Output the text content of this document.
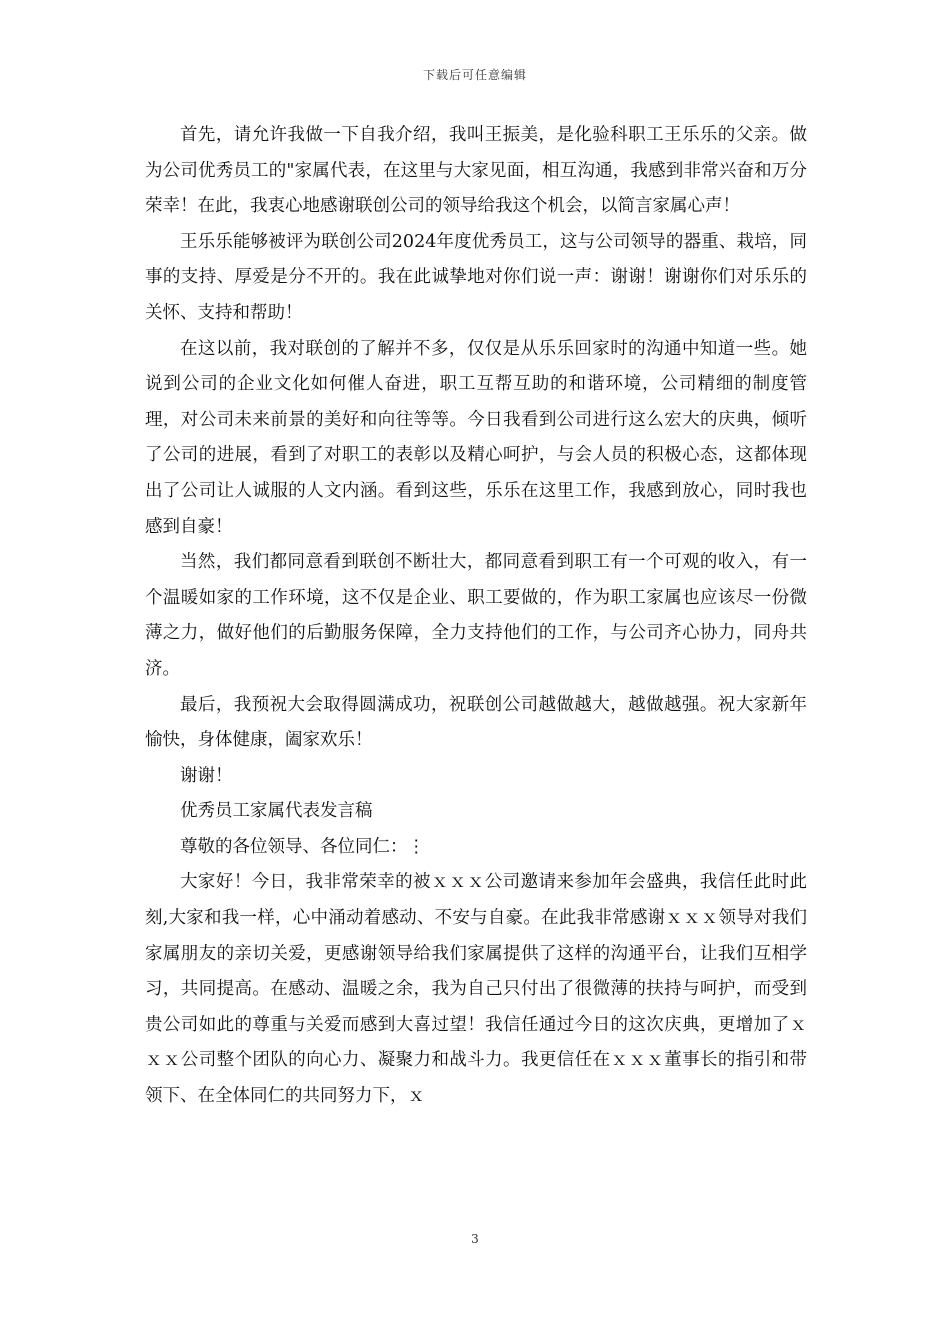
下载后可任意编辑

首先，请允许我做一下自我介绍，我叫王振美，是化验科职工王乐乐的父亲。做为公司优秀员工的"家属代表，在这里与大家见面，相互沟通，我感到非常兴奋和万分荣幸！在此，我衷心地感谢联创公司的领导给我这个机会，以简言家属心声！

王乐乐能够被评为联创公司2024年度优秀员工，这与公司领导的器重、栽培，同事的支持、厚爱是分不开的。我在此诚挚地对你们说一声：谢谢！谢谢你们对乐乐的关怀、支持和帮助！

在这以前，我对联创的了解并不多，仅仅是从乐乐回家时的沟通中知道一些。她说到公司的企业文化如何催人奋进，职工互帮互助的和谐环境，公司精细的制度管理，对公司未来前景的美好和向往等等。今日我看到公司进行这么宏大的庆典，倾听了公司的进展，看到了对职工的表彰以及精心呵护，与会人员的积极心态，这都体现出了公司让人诚服的人文内涵。看到这些，乐乐在这里工作，我感到放心，同时我也感到自豪！

当然，我们都同意看到联创不断壮大，都同意看到职工有一个可观的收入，有一个温暖如家的工作环境，这不仅是企业、职工要做的，作为职工家属也应该尽一份微薄之力，做好他们的后勤服务保障，全力支持他们的工作，与公司齐心协力，同舟共济。

最后，我预祝大会取得圆满成功，祝联创公司越做越大，越做越强。祝大家新年愉快，身体健康，阖家欢乐！

谢谢！

优秀员工家属代表发言稿

尊敬的各位领导、各位同仁：⋮

大家好！今日，我非常荣幸的被ｘｘｘ公司邀请来参加年会盛典，我信任此时此刻,大家和我一样，心中涌动着感动、不安与自豪。在此我非常感谢ｘｘｘ领导对我们家属朋友的亲切关爱，更感谢领导给我们家属提供了这样的沟通平台，让我们互相学习，共同提高。在感动、温暖之余，我为自己只付出了很微薄的扶持与呵护，而受到贵公司如此的尊重与关爱而感到大喜过望！我信任通过今日的这次庆典，更增加了ｘｘｘ公司整个团队的向心力、凝聚力和战斗力。我更信任在ｘｘｘ董事长的指引和带领下、在全体同仁的共同努力下，ｘ

3
